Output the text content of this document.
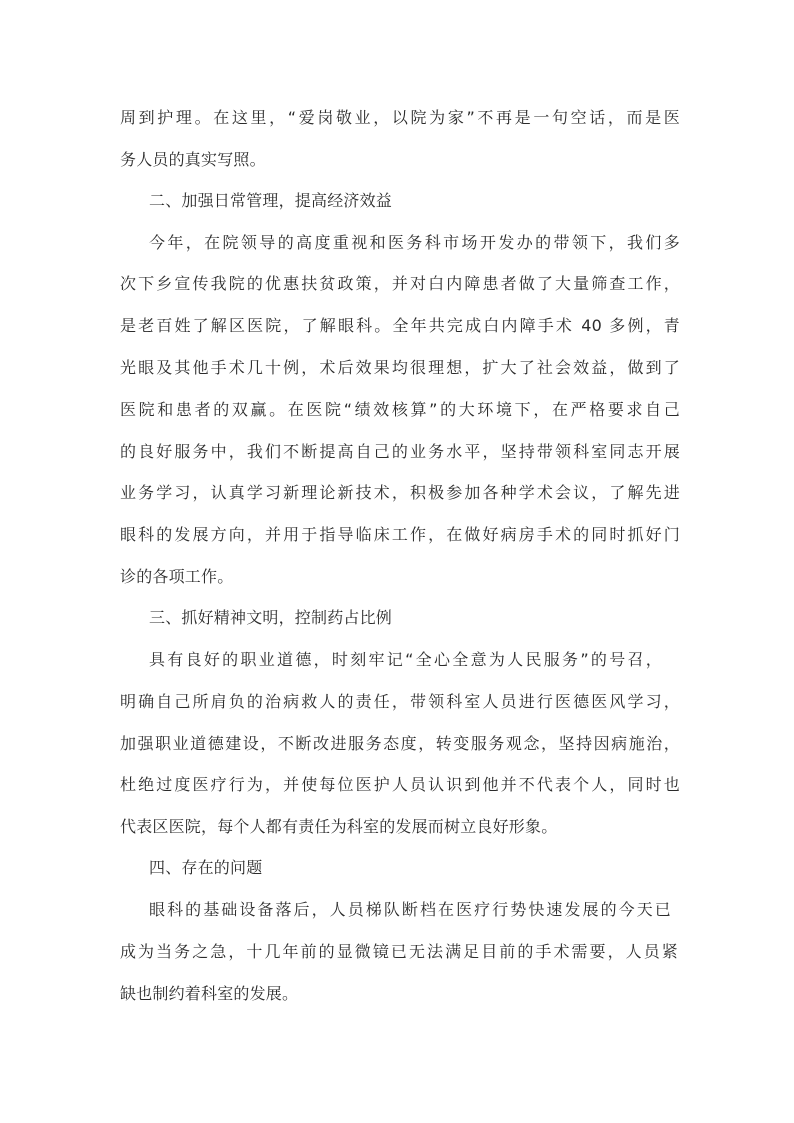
周到护理。在这里，“爱岗敬业，以院为家”不再是一句空话，而是医
务人员的真实写照。
二、加强日常管理，提高经济效益
今年，在院领导的高度重视和医务科市场开发办的带领下，我们多
次下乡宣传我院的优惠扶贫政策，并对白内障患者做了大量筛查工作，
是老百姓了解区医院，了解眼科。全年共完成白内障手术 40 多例，青
光眼及其他手术几十例，术后效果均很理想，扩大了社会效益，做到了
医院和患者的双赢。在医院“绩效核算”的大环境下，在严格要求自己
的良好服务中，我们不断提高自己的业务水平，坚持带领科室同志开展
业务学习，认真学习新理论新技术，积极参加各种学术会议，了解先进
眼科的发展方向，并用于指导临床工作，在做好病房手术的同时抓好门
诊的各项工作。
三、抓好精神文明，控制药占比例
具有良好的职业道德，时刻牢记“全心全意为人民服务”的号召，
明确自己所肩负的治病救人的责任，带领科室人员进行医德医风学习，
加强职业道德建设，不断改进服务态度，转变服务观念，坚持因病施治，
杜绝过度医疗行为，并使每位医护人员认识到他并不代表个人，同时也
代表区医院，每个人都有责任为科室的发展而树立良好形象。
四、存在的问题
眼科的基础设备落后，人员梯队断档在医疗行势快速发展的今天已
成为当务之急，十几年前的显微镜已无法满足目前的手术需要，人员紧
缺也制约着科室的发展。
